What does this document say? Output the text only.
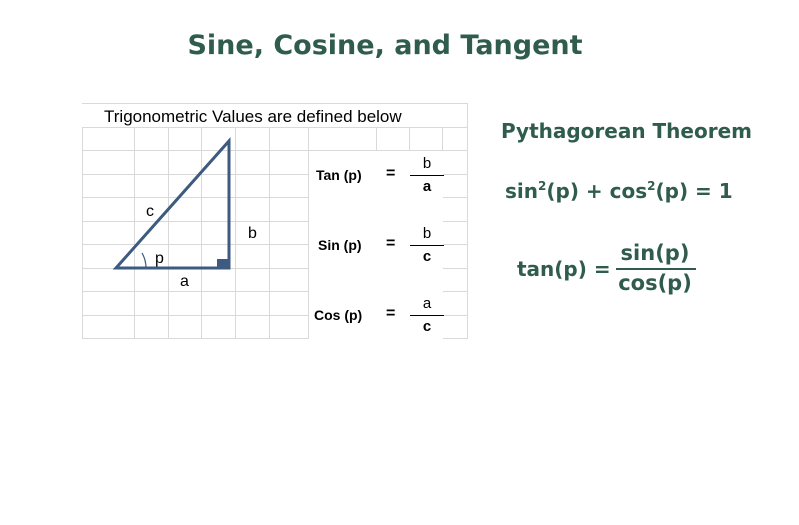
Sine, Cosine, and Tangent
Trigonometric Values are defined below
c
b
a
p
Tan (p) =
b
a
Sin (p) =
b
c
Cos (p) =
a
c
Pythagorean Theorem
$\sin^2(p) + \cos^2(p) = 1$
tan(p) =
sin(p)
cos(p)
